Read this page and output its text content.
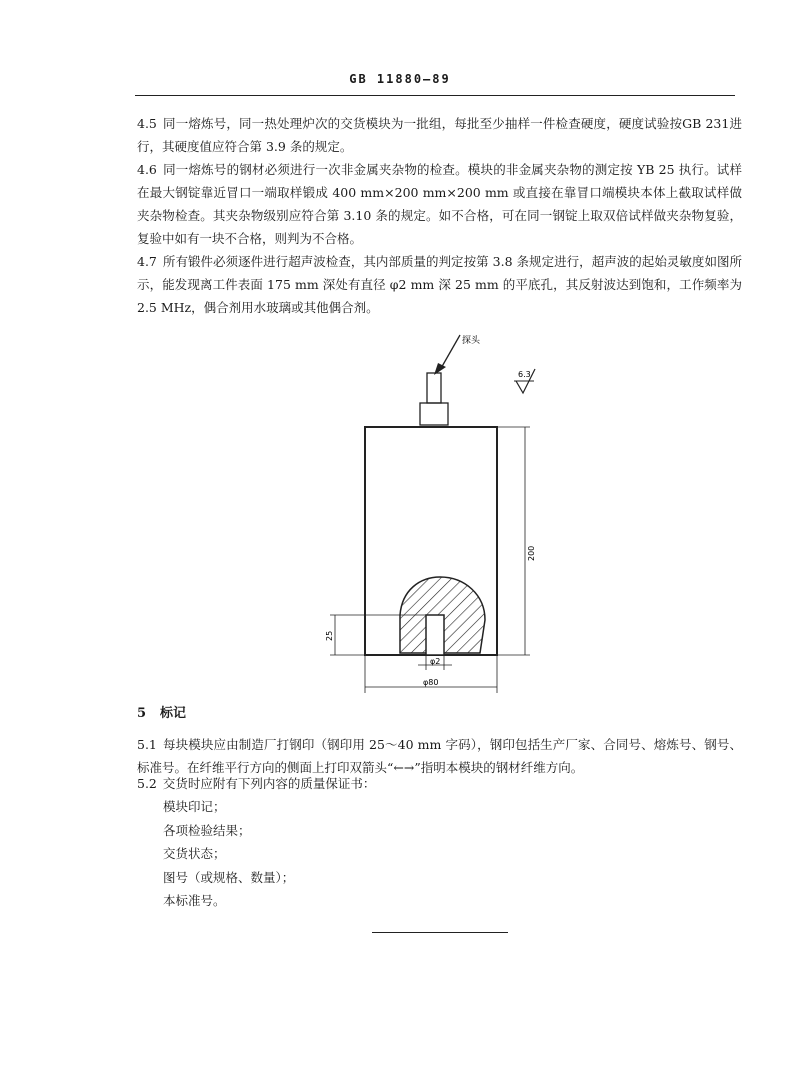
GB 11880—89

4.5 同一熔炼号，同一热处理炉次的交货模块为一批组，每批至少抽样一件检查硬度，硬度试验按GB 231进行，其硬度值应符合第 3.9 条的规定。

4.6 同一熔炼号的钢材必须进行一次非金属夹杂物的检查。模块的非金属夹杂物的测定按 YB 25 执行。试样在最大钢锭靠近冒口一端取样锻成 400 mm×200 mm×200 mm 或直接在靠冒口端模块本体上截取试样做夹杂物检查。其夹杂物级别应符合第 3.10 条的规定。如不合格，可在同一钢锭上取双倍试样做夹杂物复验，复验中如有一块不合格，则判为不合格。

4.7 所有锻件必须逐件进行超声波检查，其内部质量的判定按第 3.8 条规定进行，超声波的起始灵敏度如图所示，能发现离工件表面 175 mm 深处有直径 φ2 mm 深 25 mm 的平底孔，其反射波达到饱和，工作频率为 2.5 MHz，偶合剂用水玻璃或其他偶合剂。

探头
6.3
200
25
φ2
φ80
5 标记

5.1 每块模块应由制造厂打钢印（钢印用 25～40 mm 字码），钢印包括生产厂家、合同号、熔炼号、钢号、标准号。在纤维平行方向的侧面上打印双箭头“←→”指明本模块的钢材纤维方向。

5.2 交货时应附有下列内容的质量保证书：

模块印记；
各项检验结果；
交货状态；
图号（或规格、数量）；
本标准号。
